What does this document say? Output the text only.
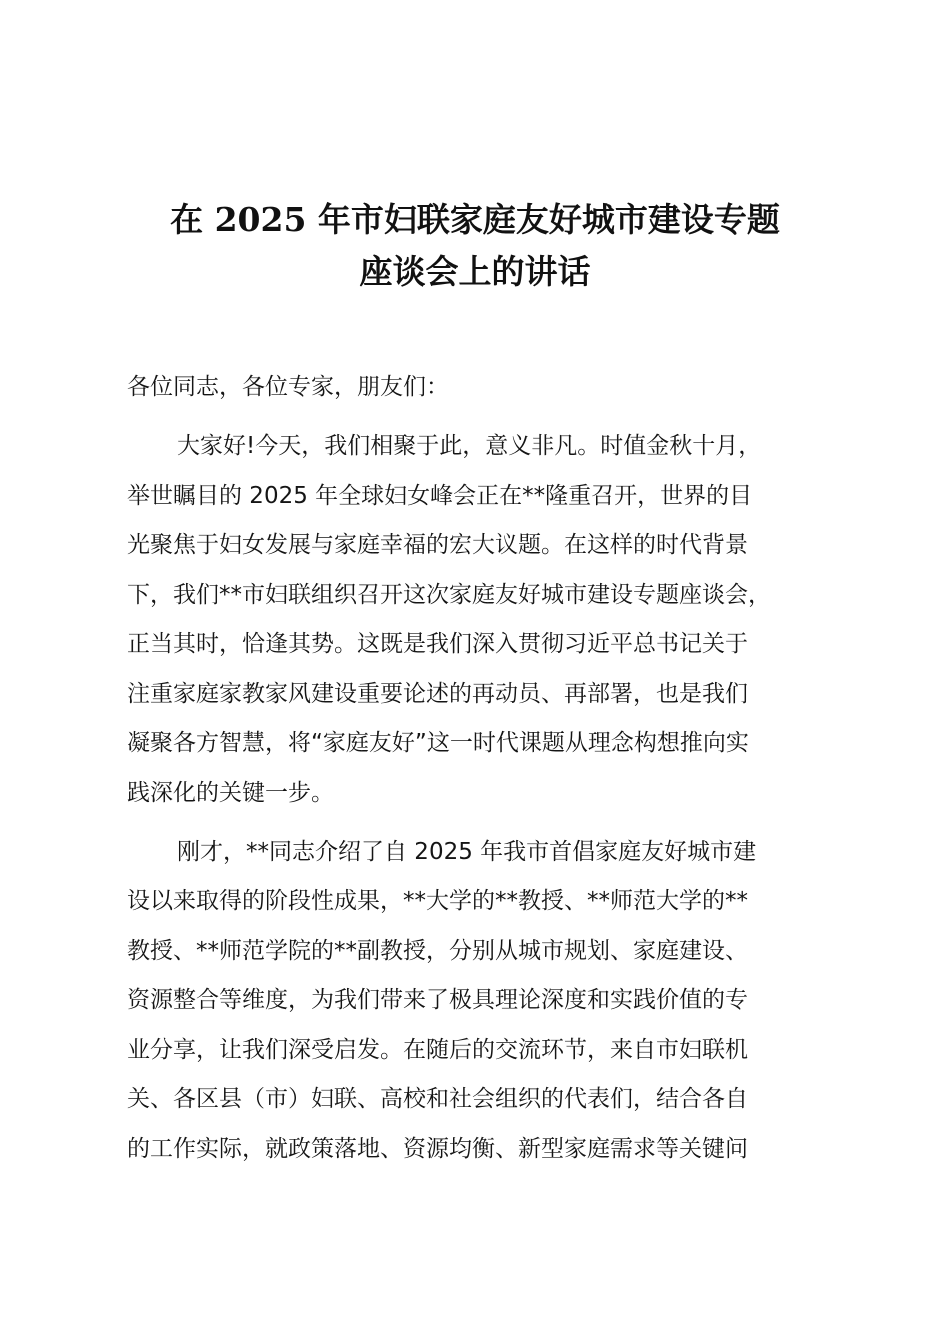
在 2025 年市妇联家庭友好城市建设专题
座谈会上的讲话
各位同志，各位专家，朋友们：
大家好!今天，我们相聚于此，意义非凡。时值金秋十月，
举世瞩目的 2025 年全球妇女峰会正在**隆重召开，世界的目
光聚焦于妇女发展与家庭幸福的宏大议题。在这样的时代背景
下，我们**市妇联组织召开这次家庭友好城市建设专题座谈会，
正当其时，恰逢其势。这既是我们深入贯彻习近平总书记关于
注重家庭家教家风建设重要论述的再动员、再部署，也是我们
凝聚各方智慧，将“家庭友好”这一时代课题从理念构想推向实
践深化的关键一步。
刚才，**同志介绍了自 2025 年我市首倡家庭友好城市建
设以来取得的阶段性成果，**大学的**教授、**师范大学的**
教授、**师范学院的**副教授，分别从城市规划、家庭建设、
资源整合等维度，为我们带来了极具理论深度和实践价值的专
业分享，让我们深受启发。在随后的交流环节，来自市妇联机
关、各区县（市）妇联、高校和社会组织的代表们，结合各自
的工作实际，就政策落地、资源均衡、新型家庭需求等关键问
